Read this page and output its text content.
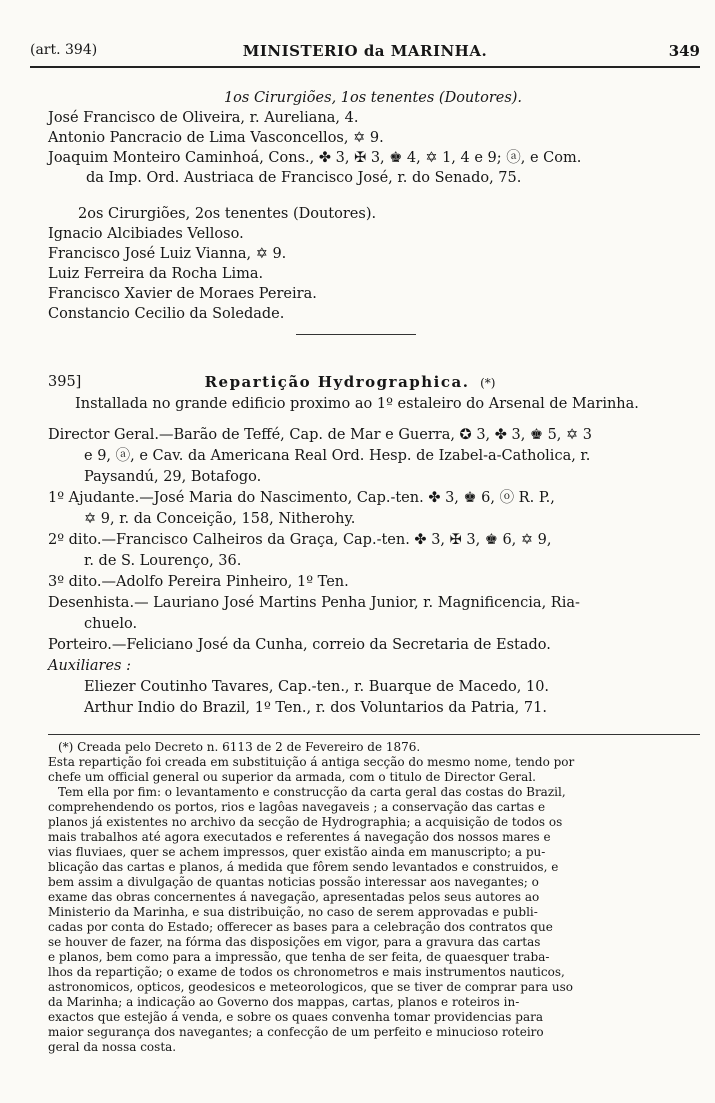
(art. 394)	MINISTERIO da MARINHA.	349
1os Cirurgiões, 1os tenentes (Doutores).
José Francisco de Oliveira, r. Aureliana, 4.
Antonio Pancracio de Lima Vasconcellos, ✡ 9.
Joaquim Monteiro Caminhoá, Cons., ✤ 3, ✠ 3, ♚ 4, ✡ 1, 4 e 9; ⓐ, e Com.
da Imp. Ord. Austriaca de Francisco José, r. do Senado, 75.
2os Cirurgiões, 2os tenentes (Doutores).
Ignacio Alcibiades Velloso.
Francisco José Luiz Vianna, ✡ 9.
Luiz Ferreira da Rocha Lima.
Francisco Xavier de Moraes Pereira.
Constancio Cecilio da Soledade.
395]	Repartição Hydrographica. (*)
Installada no grande edificio proximo ao 1º estaleiro do Arsenal de Marinha.
Director Geral.—Barão de Teffé, Cap. de Mar e Guerra, ✪ 3, ✤ 3, ♚ 5, ✡ 3
e 9, ⓐ, e Cav. da Americana Real Ord. Hesp. de Izabel-a-Catholica, r.
Paysandú, 29, Botafogo.
1º Ajudante.—José Maria do Nascimento, Cap.-ten. ✤ 3, ♚ 6, ⓞ R. P.,
✡ 9, r. da Conceição, 158, Nitherohy.
2º dito.—Francisco Calheiros da Graça, Cap.-ten. ✤ 3, ✠ 3, ♚ 6, ✡ 9,
r. de S. Lourenço, 36.
3º dito.—Adolfo Pereira Pinheiro, 1º Ten.
Desenhista.— Lauriano José Martins Penha Junior, r. Magnificencia, Ria-
chuelo.
Porteiro.—Feliciano José da Cunha, correio da Secretaria de Estado.
Auxiliares :
Eliezer Coutinho Tavares, Cap.-ten., r. Buarque de Macedo, 10.
Arthur Indio do Brazil, 1º Ten., r. dos Voluntarios da Patria, 71.
(*) Creada pelo Decreto n. 6113 de 2 de Fevereiro de 1876.
Esta repartição foi creada em substituição á antiga secção do mesmo nome, tendo por
chefe um official general ou superior da armada, com o titulo de Director Geral.
Tem ella por fim: o levantamento e construcção da carta geral das costas do Brazil,
comprehendendo os portos, rios e lagôas navegaveis ; a conservação das cartas e
planos já existentes no archivo da secção de Hydrographia; a acquisição de todos os
mais trabalhos até agora executados e referentes á navegação dos nossos mares e
vias fluviaes, quer se achem impressos, quer existão ainda em manuscripto; a pu-
blicação das cartas e planos, á medida que fôrem sendo levantados e construidos, e
bem assim a divulgação de quantas noticias possão interessar aos navegantes; o
exame das obras concernentes á navegação, apresentadas pelos seus autores ao
Ministerio da Marinha, e sua distribuição, no caso de serem approvadas e publi-
cadas por conta do Estado; offerecer as bases para a celebração dos contratos que
se houver de fazer, na fórma das disposições em vigor, para a gravura das cartas
e planos, bem como para a impressão, que tenha de ser feita, de quaesquer traba-
lhos da repartição; o exame de todos os chronometros e mais instrumentos nauticos,
astronomicos, opticos, geodesicos e meteorologicos, que se tiver de comprar para uso
da Marinha; a indicação ao Governo dos mappas, cartas, planos e roteiros in-
exactos que estejão á venda, e sobre os quaes convenha tomar providencias para
maior segurança dos navegantes; a confecção de um perfeito e minucioso roteiro
geral da nossa costa.
